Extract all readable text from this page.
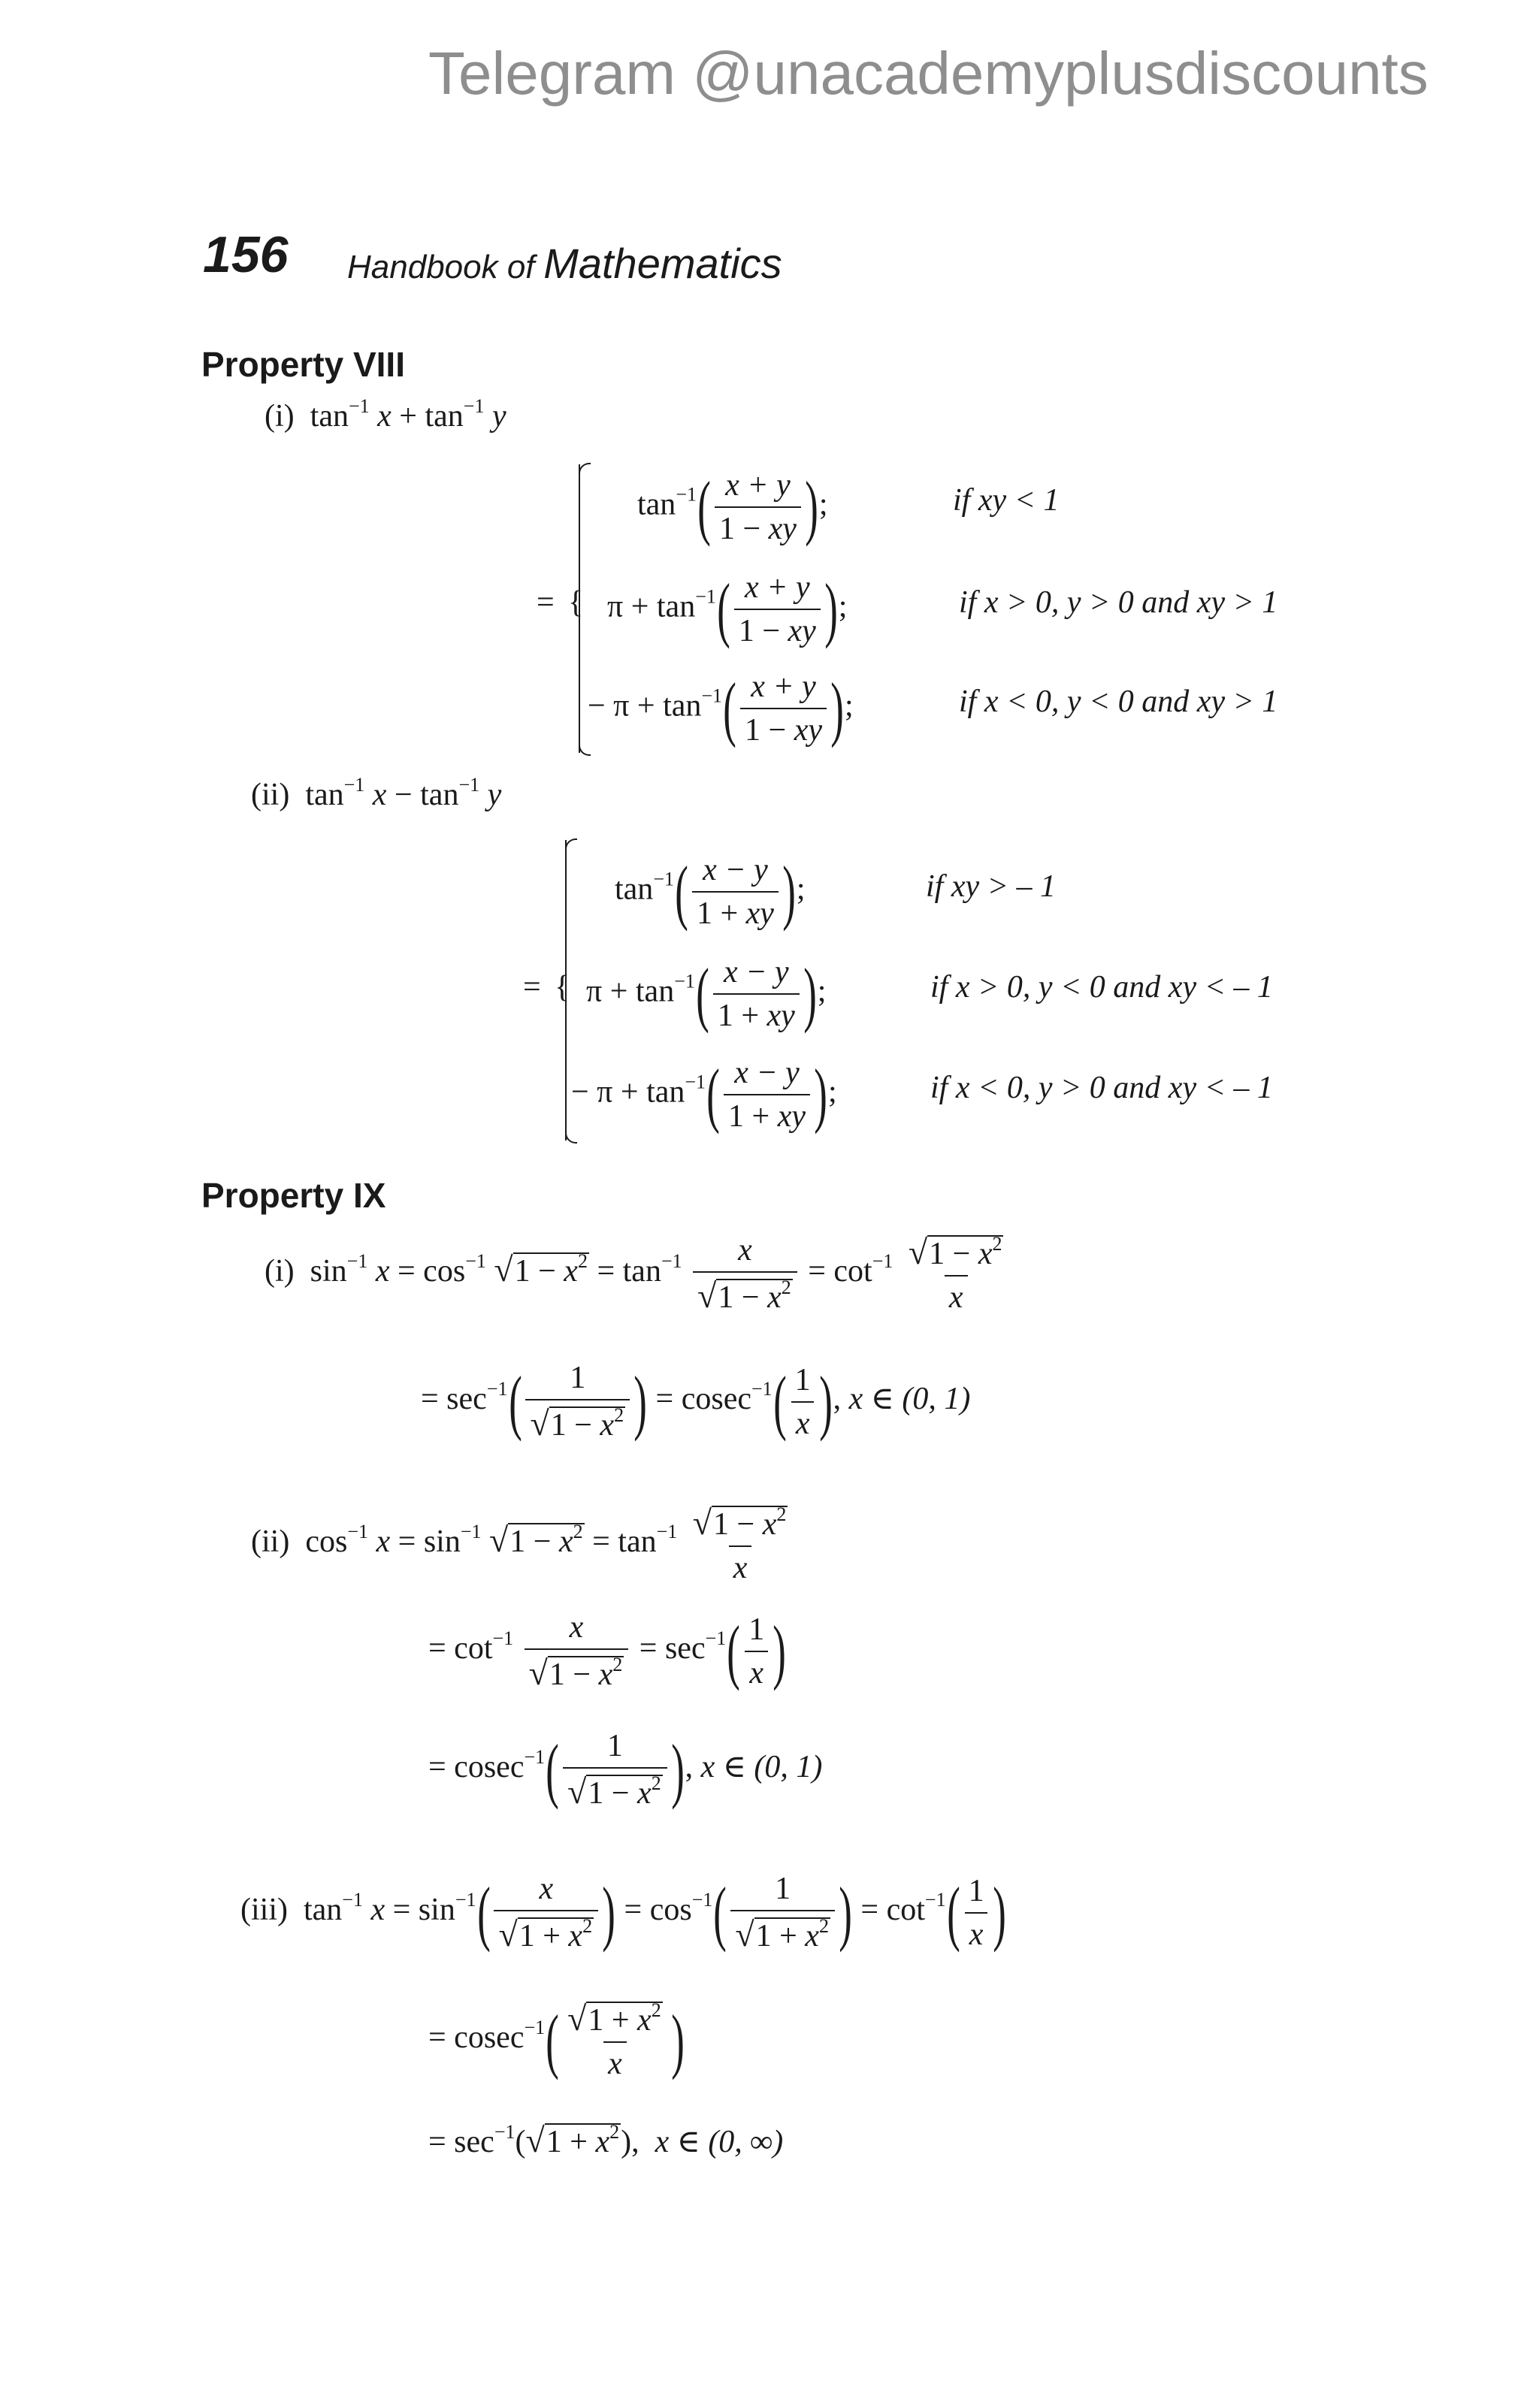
Telegram @unacademyplusdiscounts
156 Handbook of Mathematics
Property VIII
(i)  $\tan^{-1} x + \tan^{-1} y$
= {
$\tan^{-1}( \frac{x + y}{1 - xy}$ );	if xy < 1
$\pi + \tan^{-1}( \frac{x + y}{1 - xy}$ );	if x > 0, y > 0 and xy > 1
− $\pi + \tan^{-1}( \frac{x + y}{1 - xy}$ );	if x < 0, y < 0 and xy > 1
(ii)  $\tan^{-1} x - \tan^{-1} y$
= {
$\tan^{-1}( \frac{x - y}{1 + xy}$ );	if xy > – 1
$\pi + \tan^{-1}( \frac{x - y}{1 + xy}$ );	if x > 0, y < 0 and xy < – 1
− $\pi + \tan^{-1}( \frac{x - y}{1 + xy}$ );	if x < 0, y > 0 and xy < – 1
Property IX
(i)  $\sin^{-1} x = \cos^{-1} √1 - x^2 = \tan^{-1} \frac{x}{√1 - x^2} = \cot^{-1} \frac{√1 - x^2}{x}$
= $\sec^{-1}( \frac{1}{√1 - x^2}$ ) = $cosec^{-1}( \frac{1}{x}$ ), x ∈ (0, 1)
(ii)  $\cos^{-1} x = \sin^{-1} √1 - x^2 = \tan^{-1} \frac{√1 - x^2}{x}$
= $\cot^{-1} \frac{x}{√1 - x^2} = \sec^{-1}( \frac{1}{x}$ )
= $cosec^{-1}( \frac{1}{√1 - x^2}$ ), x ∈ (0, 1)
(iii)  $\tan^{-1} x = \sin^{-1}( \frac{x}{√1 + x^2}$ ) = $\cos^{-1}( \frac{1}{√1 + x^2}$ ) = $\cot^{-1}( \frac{1}{x}$ )
= $cosec^{-1}( \frac{√1 + x^2}{x}$ )
= $\sec^{-1}(√1 + x^2)$,  x ∈ (0, ∞)
